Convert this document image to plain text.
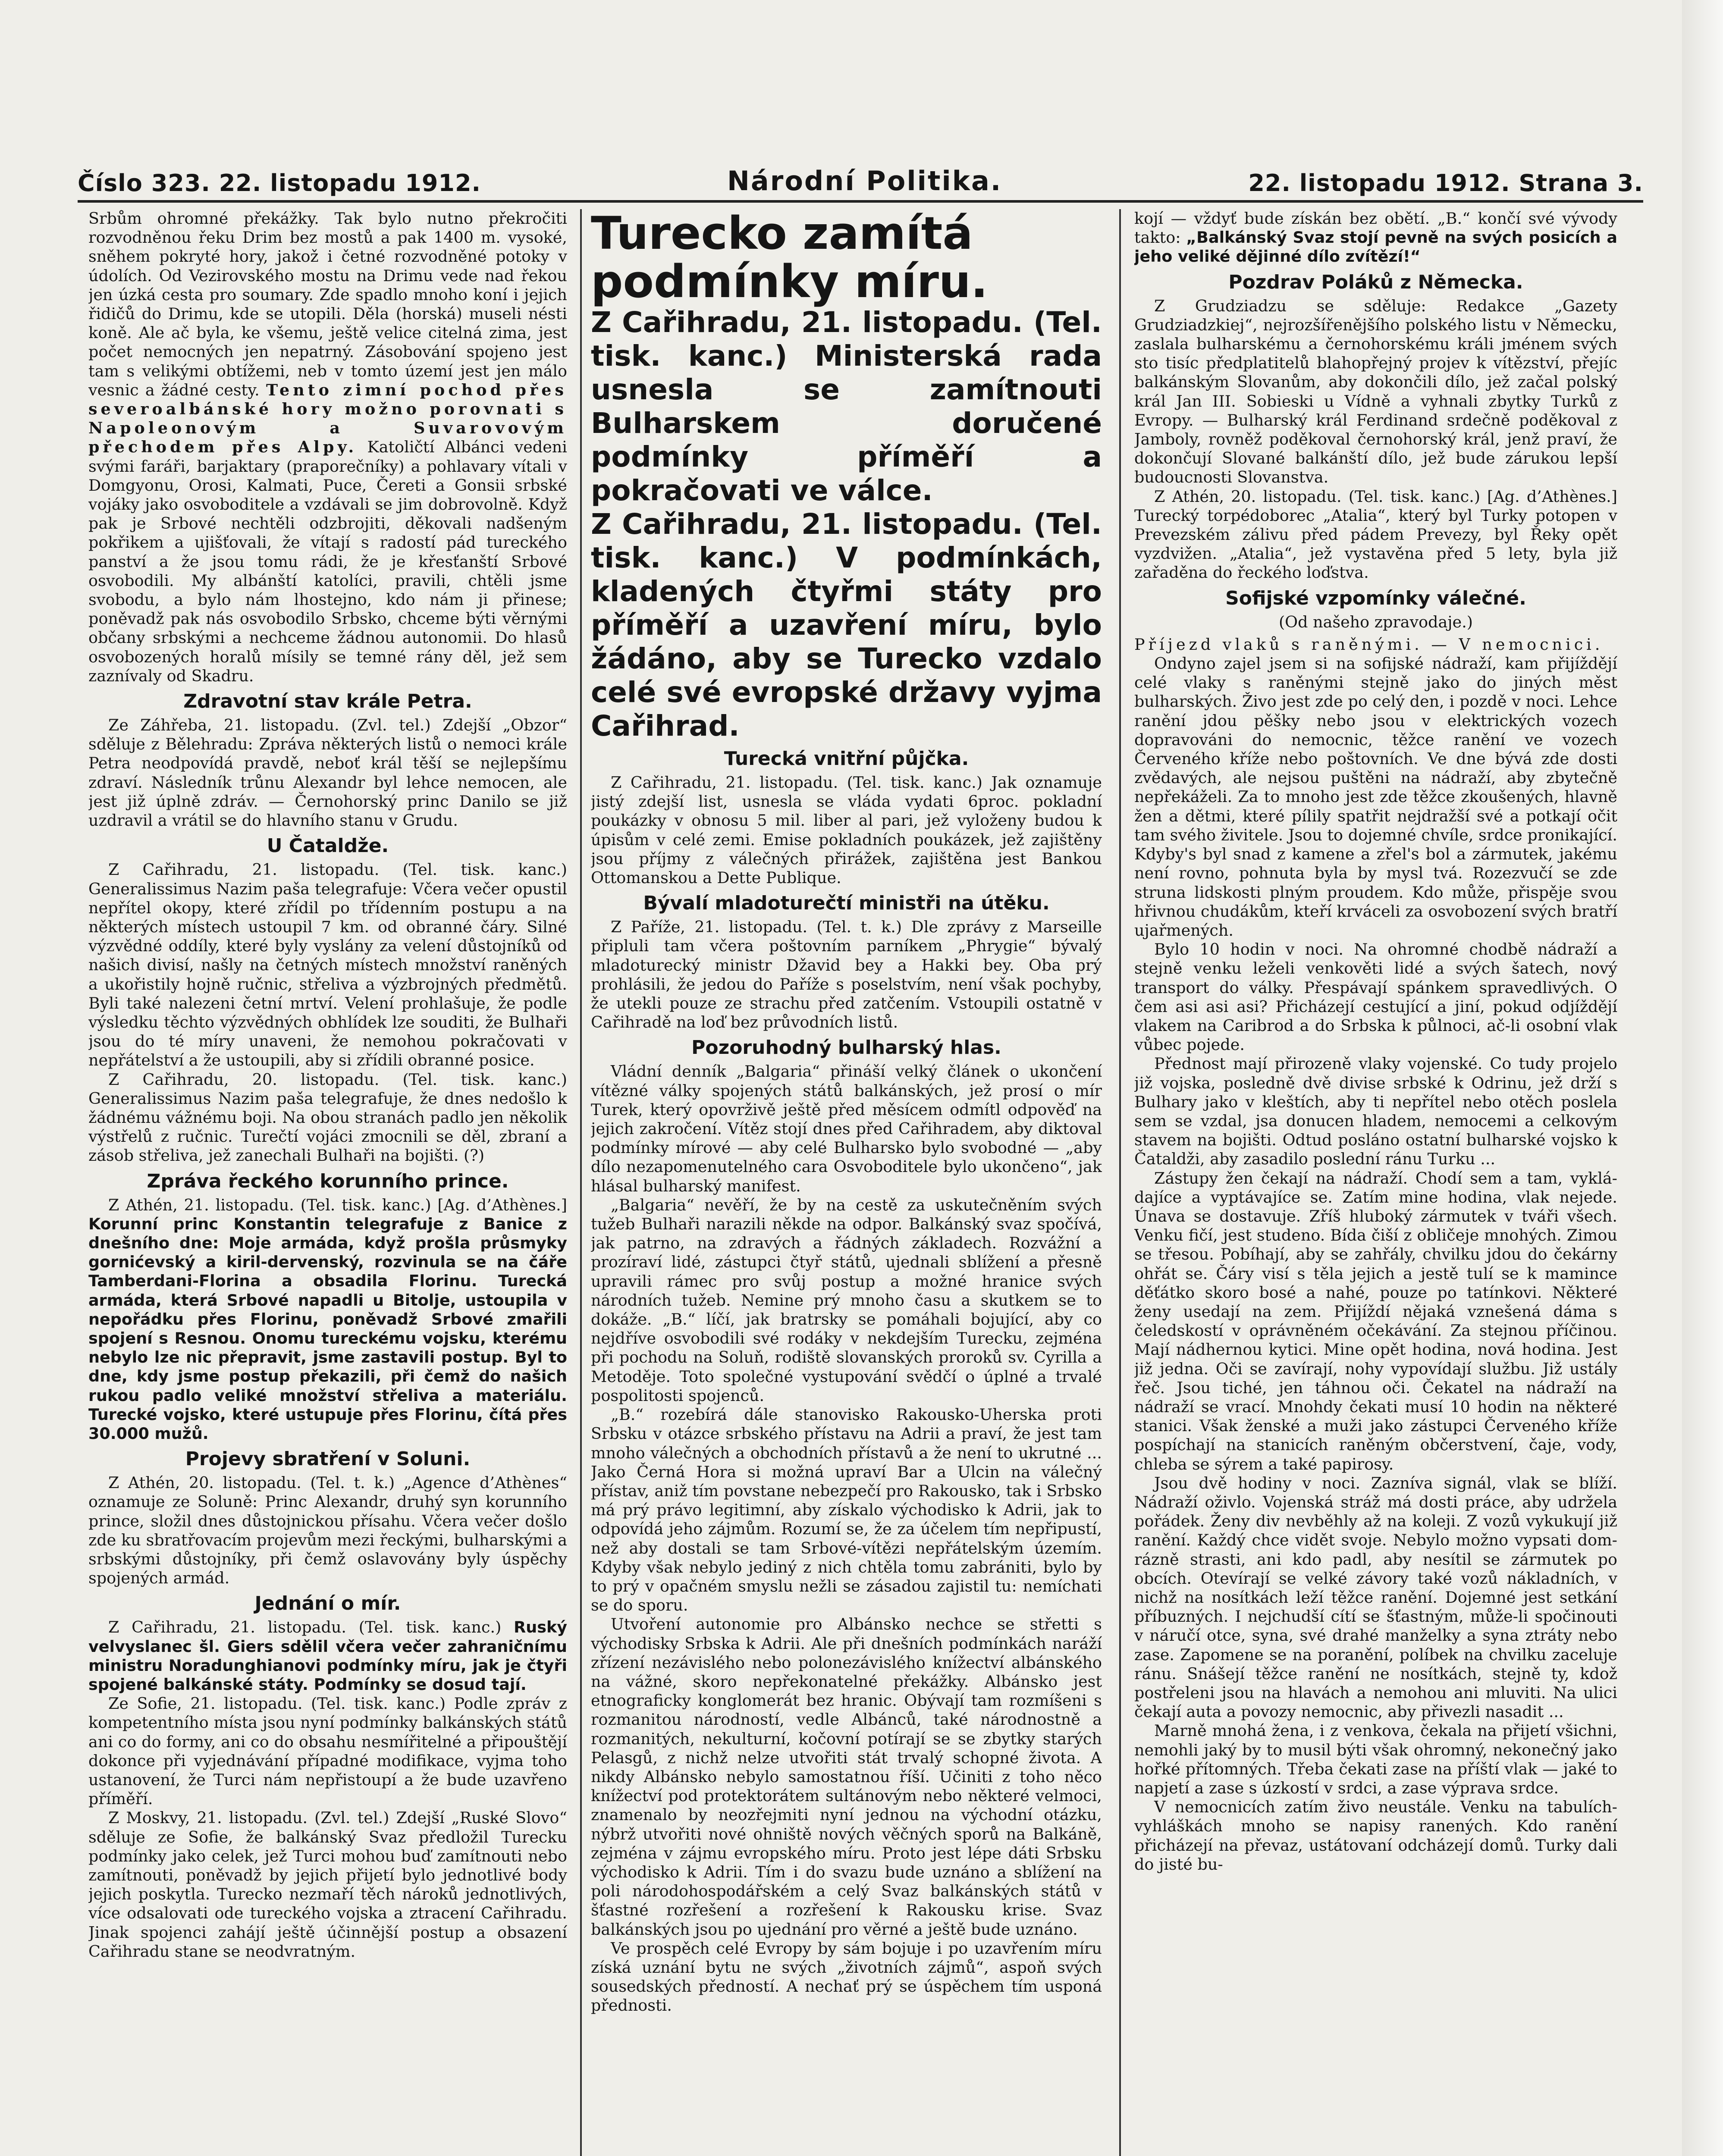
Číslo 323. 22. listopadu 1912.	Národní Politika.	22. listopadu 1912. Strana 3.

Srbům ohromné překážky. Tak bylo nutno překročiti rozvodněnou řeku Drim bez mostů a pak 1400 m. vysoké, sněhem pokryté hory, jakož i četné rozvodněné potoky v údolích. Od Vezirovského mostu na Drimu vede nad řekou jen úzká cesta pro soumary. Zde spadlo mnoho koní i jejich řidičů do Drimu, kde se utopili. Děla (horská) museli nésti koně. Ale ač byla, ke všemu, ještě velice citelná zima, jest počet nemocných jen nepatrný. Zásobování spojeno jest tam s velikými obtížemi, neb v tomto území jest jen málo vesnic a žádné cesty. Tento zimní pochod přes severoalbánské hory možno porovnati s Napoleonovým a Suvarovovým přechodem přes Alpy. Katoličtí Albánci vedeni svými faráři, barjaktary (praporečníky) a pohlavary vítali v Domgyonu, Orosi, Kalmati, Puce, Čereti a Gonsii srbské vojáky jako osvoboditele a vzdávali se jim dobrovolně. Když pak je Srbové nechtěli odzbrojiti, děkovali nadšeným pokřikem a ujišťovali, že vítají s radostí pád tureckého panství a že jsou tomu rádi, že je křesťanští Srbové osvobodili. My albánští katolíci, pravili, chtěli jsme svobodu, a bylo nám lhostejno, kdo nám ji přinese; poněvadž pak nás osvobodilo Srbsko, chceme býti věrnými občany srbskými a nechceme žádnou autonomii. Do hlasů osvobozených horalů mísily se temné rány děl, jež sem zaznívaly od Skadru.

Zdravotní stav krále Petra.

Ze Záhřeba, 21. listopadu. (Zvl. tel.) Zdejší „Obzor“ sděluje z Bělehradu: Zpráva některých listů o nemoci krále Petra neodpovídá pravdě, neboť král těší se nejlepšímu zdraví. Následník trůnu Alexandr byl lehce nemocen, ale jest již úplně zdráv. — Černohorský princ Danilo se již uzdravil a vrátil se do hlavního stanu v Grudu.

U Čataldže.

Z Cařihradu, 21. listopadu. (Tel. tisk. kanc.) Generalissimus Nazim paša telegrafuje: Včera večer opustil nepřítel okopy, které zřídil po třídenním postupu a na některých místech ustoupil 7 km. od obranné čáry. Silné výzvědné oddíly, které byly vyslány za velení důstojníků od našich divisí, našly na četných místech množství raněných a ukořistily hojně ručnic, střeliva a výzbrojných předmětů. Byli také nalezeni četní mrtví. Velení prohlašuje, že podle výsledku těchto výzvědných obhlídek lze souditi, že Bulhaři jsou do té míry unaveni, že nemohou pokračovati v nepřátelství a že ustoupili, aby si zřídili obranné posice.

Z Cařihradu, 20. listopadu. (Tel. tisk. kanc.) Generalissimus Nazim paša telegrafuje, že dnes nedošlo k žádnému vážnému boji. Na obou stranách padlo jen několik výstřelů z ručnic. Turečtí vojáci zmocnili se děl, zbraní a zásob střeliva, jež zanechali Bulhaři na bojišti. (?)

Zpráva řeckého korunního prince.

Z Athén, 21. listopadu. (Tel. tisk. kanc.) [Ag. d’Athènes.] Korunní princ Konstantin telegrafuje z Banice z dnešního dne: Moje armáda, když prošla průsmyky gornićevský a kiril-dervenský, rozvinula se na čáře Tamberdani-Florina a obsadila Florinu. Turecká armáda, která Srbové napadli u Bitolje, ustoupila v nepořádku přes Florinu, poněvadž Srbové zmařili spojení s Resnou. Onomu tureckému vojsku, kterému nebylo lze nic přepravit, jsme zastavili postup. Byl to dne, kdy jsme postup překazili, při čemž do našich rukou padlo veliké množství střeliva a materiálu. Turecké vojsko, které ustupuje přes Florinu, čítá přes 30.000 mužů.

Projevy sbratření v Soluni.

Z Athén, 20. listopadu. (Tel. t. k.) „Agence d’Athènes“ oznamuje ze Soluně: Princ Alexandr, druhý syn korunního prince, složil dnes důstojnickou přísahu. Včera večer došlo zde ku sbratřovacím projevům mezi řeckými, bulharskými a srbskými důstojníky, při čemž oslavovány byly úspěchy spojených armád.

Jednání o mír.

Z Cařihradu, 21. listopadu. (Tel. tisk. kanc.) Ruský velvyslanec šl. Giers sdělil včera večer zahraničnímu ministru Noradunghianovi podmínky míru, jak je čtyři spojené balkánské státy. Podmínky se dosud tají.

Ze Sofie, 21. listopadu. (Tel. tisk. kanc.) Podle zpráv z kompetentního místa jsou nyní podmínky balkánských států ani co do formy, ani co do obsahu nesmířitelné a připouštějí dokonce při vyjednávání případné modifikace, vyjma toho ustanovení, že Turci nám nepřistoupí a že bude uzavřeno příměří.

Z Moskvy, 21. listopadu. (Zvl. tel.) Zdejší „Ruské Slovo“ sděluje ze Sofie, že balkánský Svaz předložil Turecku podmínky jako celek, jež Turci mohou buď zamítnouti nebo zamítnouti, poněvadž by jejich přijetí bylo jednotlivé body jejich poskytla. Turecko nezmaří těch nároků jednotlivých, více odsalovati ode tureckého vojska a ztracení Cařihradu. Jinak spojenci zahájí ještě účinnější postup a obsazení Cařihradu stane se neodvratným.

Turecko zamítá podmínky míru.

Z Cařihradu, 21. listopadu. (Tel. tisk. kanc.) Ministerská rada usnesla se zamítnouti Bulharskem doručené podmínky příměří a pokračovati ve válce.

Z Cařihradu, 21. listopadu. (Tel. tisk. kanc.) V podmínkách, kladených čtyřmi státy pro příměří a uzavření míru, bylo žádáno, aby se Turecko vzdalo celé své evropské državy vyjma Cařihrad.

Turecká vnitřní půjčka.

Z Cařihradu, 21. listopadu. (Tel. tisk. kanc.) Jak oznamuje jistý zdejší list, usnesla se vláda vydati 6proc. pokladní poukázky v obnosu 5 mil. liber al pari, jež vyloženy budou k úpisům v celé zemi. Emise pokladních poukázek, jež zajištěny jsou příjmy z válečných přirážek, zajištěna jest Bankou Ottomanskou a Dette Publique.

Bývalí mladoturečtí ministři na útěku.

Z Paříže, 21. listopadu. (Tel. t. k.) Dle zprávy z Marseille připluli tam včera poštovním parníkem „Phrygie“ bývalý mladoturecký ministr Džavid bey a Hakki bey. Oba prý prohlásili, že jedou do Paříže s poselstvím, není však pochyby, že utekli pouze ze strachu před zatčením. Vstoupili ostatně v Cařihradě na loď bez průvodních listů.

Pozoruhodný bulharský hlas.

Vládní denník „Balgaria“ přináší velký článek o ukončení vítězné války spojených států balkánských, jež prosí o mír Turek, který opovrživě ještě před měsícem odmítl odpověď na jejich zakročení. Vítěz stojí dnes před Cařihradem, aby diktoval podmínky mírové — aby celé Bulharsko bylo svobodné — „aby dílo nezapomenutelného cara Osvoboditele bylo ukončeno“, jak hlásal bulharský manifest.

„Balgaria“ nevěří, že by na cestě za uskutečněním svých tužeb Bulhaři narazili někde na odpor. Balkánský svaz spočívá, jak patrno, na zdravých a řádných základech. Rozvážní a prozíraví lidé, zástupci čtyř států, ujednali sblížení a přesně upravili rámec pro svůj postup a možné hranice svých národních tužeb. Nemine prý mnoho času a skutkem se to dokáže. „B.“ líčí, jak bratrsky se pomáhali bojující, aby co nejdříve osvobodili své rodáky v nekdejším Turecku, zejména při pochodu na Soluň, rodiště slovanských proroků sv. Cyrilla a Metoděje. Toto společné vystupování svědčí o úplné a trvalé pospolitosti spojenců.

„B.“ rozebírá dále stanovisko Rakousko-Uherska proti Srbsku v otázce srbského přístavu na Adrii a praví, že jest tam mnoho válečných a obchodních přístavů a že není to ukrutné ... Jako Černá Hora si možná upraví Bar a Ulcin na válečný přístav, aniž tím povstane nebezpečí pro Rakousko, tak i Srbsko má prý právo legitimní, aby získalo východisko k Adrii, jak to odpovídá jeho zájmům. Rozumí se, že za účelem tím nepřipustí, než aby dostali se tam Srbové-vítězi nepřátelským územím. Kdyby však nebylo jediný z nich chtěla tomu zabrániti, bylo by to prý v opačném smyslu nežli se zásadou zajistil tu: nemíchati se do sporu.

Utvoření autonomie pro Albánsko nechce se střetti s východisky Srbska k Adrii. Ale při dnešních podmínkách naráží zřízení nezávislého nebo polonezávislého knížectví albánského na vážné, skoro nepřekonatelné překážky. Albánsko jest etnograficky konglomerát bez hranic. Obývají tam rozmíšeni s rozmanitou národností, vedle Albánců, také národnostně a rozmanitých, nekulturní, kočovní potírají se se zbytky starých Pelasgů, z nichž nelze utvořiti stát trvalý schopné života. A nikdy Albánsko nebylo samostatnou říší. Učiniti z toho něco knížectví pod protektorátem sultánovým nebo některé velmoci, znamenalo by neozřejmiti nyní jednou na východní otázku, nýbrž utvořiti nové ohniště nových věčných sporů na Balkáně, zejména v zájmu evropského míru. Proto jest lépe dáti Srbsku východisko k Adrii. Tím i do svazu bude uznáno a sblížení na poli národohospodářském a celý Svaz balkánských států v šťastné rozřešení a rozřešení k Rakousku krise. Svaz balkánských jsou po ujednání pro věrné a ještě bude uznáno.

Ve prospěch celé Evropy by sám bojuje i po uzavřením míru získá uznání bytu ne svých „životních zájmů“, aspoň svých sousedských předností. A nechať prý se úspěchem tím usponá přednosti.

kojí — vždyť bude získán bez obětí. „B.“ končí své vývody takto: „Balkánský Svaz stojí pevně na svých posicích a jeho veliké dějinné dílo zvítězí!“

Pozdrav Poláků z Německa.

Z Grudziadzu se sděluje: Redakce „Gazety Grudziadzkiej“, nejrozšířenějšího polského listu v Německu, zaslala bulharskému a černohorskému králi jménem svých sto tisíc předplatitelů blahopřejný projev k vítězství, přejíc balkánským Slovanům, aby dokončili dílo, jež začal polský král Jan III. Sobieski u Vídně a vyhnali zbytky Turků z Evropy. — Bulharský král Ferdinand srdečně poděkoval z Jamboly, rovněž poděkoval černohorský král, jenž praví, že dokončují Slované balkánští dílo, jež bude zárukou lepší budoucnosti Slovanstva.

Z Athén, 20. listopadu. (Tel. tisk. kanc.) [Ag. d’Athènes.] Turecký torpédoborec „Atalia“, který byl Turky potopen v Prevezském zálivu před pádem Prevezy, byl Řeky opět vyzdvižen. „Atalia“, jež vystavěna před 5 lety, byla již zařaděna do řeckého loďstva.

Sofijské vzpomínky válečné.

(Od našeho zpravodaje.)

Příjezd vlaků s raněnými. — V nemocnici.

Ondyno zajel jsem si na sofijské nádraží, kam přijíždějí celé vlaky s raněnými stejně jako do jiných měst bulharských. Živo jest zde po celý den, i pozdě v noci. Lehce ranění jdou pěšky nebo jsou v elektrických vozech dopravováni do nemocnic, těžce ranění ve vozech Červeného kříže nebo poštovních. Ve dne bývá zde dosti zvědavých, ale nejsou puštěni na nádraží, aby zbytečně nepřekáželi. Za to mnoho jest zde těžce zkoušených, hlavně žen a dětmi, které pílily spatřit nejdražší své a potkají očit tam svého živitele. Jsou to dojemné chvíle, srdce pronikající. Kdyby's byl snad z kamene a zřel's bol a zármutek, jakému není rovno, pohnuta byla by mysl tvá. Rozezvučí se zde struna lidskosti plným proudem. Kdo může, přispěje svou hřivnou chudákům, kteří krváceli za osvobození svých bratří ujařmených.

Bylo 10 hodin v noci. Na ohromné chodbě nádraží a stejně venku leželi venkověti lidé a svých šatech, nový transport do války. Přespávají spánkem spravedlivých. O čem asi asi asi? Přicházejí cestující a jiní, pokud odjíždějí vlakem na Caribrod a do Srbska k půlnoci, ač-li osobní vlak vůbec pojede.

Přednost mají přirozeně vlaky vojenské. Co tudy projelo již vojska, posledně dvě divise srbské k Odrinu, jež drží s Bulhary jako v kleštích, aby ti nepřítel nebo otěch poslela sem se vzdal, jsa donucen hladem, nemocemi a celkovým stavem na bojišti. Odtud posláno ostatní bulharské vojsko k Čataldži, aby zasadilo poslední ránu Turku ...

Zástupy žen čekají na nádraží. Chodí sem a tam, vykládajíce a vyptávajíce se. Zatím mine hodina, vlak nejede. Únava se dostavuje. Zříš hluboký zármutek v tváři všech. Venku fičí, jest studeno. Bída čiší z obličeje mnohých. Zimou se třesou. Pobíhají, aby se zahřály, chvilku jdou do čekárny ohřát se. Čáry visí s těla jejich a jestě tulí se k mamince děťátko skoro bosé a nahé, pouze po tatínkovi. Některé ženy usedají na zem. Přijíždí nějaká vznešená dáma s čeledskostí v oprávněném očekávání. Za stejnou příčinou. Mají nádhernou kytici. Mine opět hodina, nová hodina. Jest již jedna. Oči se zavírají, nohy vypovídají službu. Již ustály řeč. Jsou tiché, jen táhnou oči. Čekatel na nádraží na nádraží se vrací. Mnohdy čekati musí 10 hodin na některé stanici. Však ženské a muži jako zástupci Červeného kříže pospíchají na stanicích raněným občerstvení, čaje, vody, chleba se sýrem a také papirosy.

Jsou dvě hodiny v noci. Zazníva signál, vlak se blíží. Nádraží oživlo. Vojenská stráž má dosti práce, aby udržela pořádek. Ženy div nevběhly až na koleji. Z vozů vykukují již ranění. Každý chce vidět svoje. Nebylo možno vypsati domrázně strasti, ani kdo padl, aby nesítil se zármutek po obcích. Otevírají se velké závory také vozů nákladních, v nichž na nosítkách leží těžce ranění. Dojemné jest setkání příbuzných. I nejchudší cítí se šťastným, může-li spočinouti v náručí otce, syna, své drahé manželky a syna ztráty nebo zase. Zapomene se na poranění, políbek na chvilku zaceluje ránu. Snášejí těžce ranění ne nosítkách, stejně ty, kdož postřeleni jsou na hlavách a nemohou ani mluviti. Na ulici čekají auta a povozy nemocnic, aby přivezli nasadit ...

Marně mnohá žena, i z venkova, čekala na přijetí všichni, nemohli jaký by to musil býti však ohromný, nekonečný jako hořké přítomných. Třeba čekati zase na příští vlak — jaké to napjetí a zase s úzkostí v srdci, a zase výprava srdce.

V nemocnicích zatím živo neustále. Venku na tabulích-vyhláškách mnoho se napisy ranených. Kdo ranění přicházejí na převaz, ustátovaní odcházejí domů. Turky dali do jisté bu-
